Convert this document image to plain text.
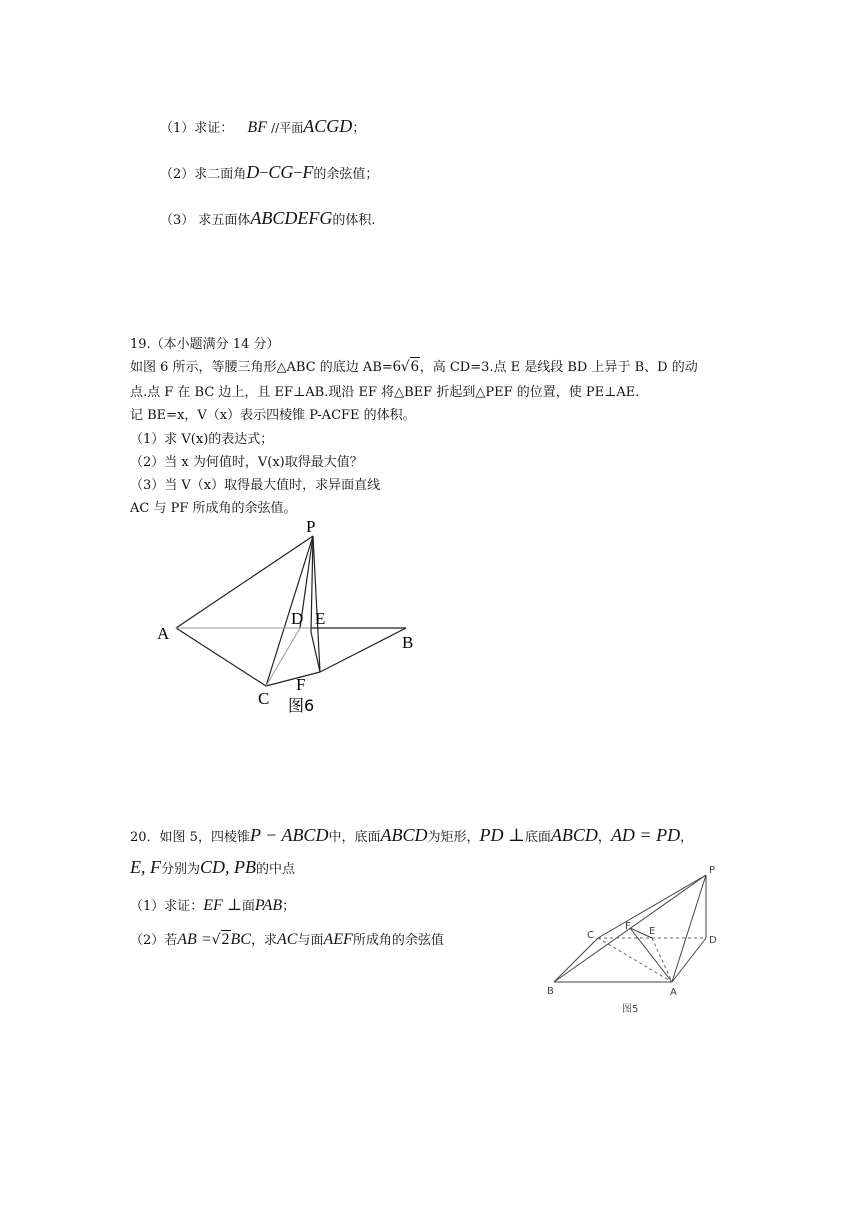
（1）求证： BF //平面ACGD；
（2）求二面角D−CG−F的余弦值；
（3） 求五面体ABCDEFG的体积.
19.（本小题满分 14 分）
如图 6 所示，等腰三角形△ABC 的底边 AB=6√6，高 CD=3.点 E 是线段 BD 上异于 B、D 的动
点.点 F 在 BC 边上，且 EF⊥AB.现沿 EF 将△BEF 折起到△PEF 的位置，使 PE⊥AE.
记 BE=x，V（x）表示四棱锥 P-ACFE 的体积。
（1）求 V(x)的表达式；
（2）当 x 为何值时，V(x)取得最大值？
（3）当 V（x）取得最大值时，求异面直线
AC 与 PF 所成角的余弦值。
P
A
D E
B
C
F
图6
20．如图 5，四棱锥P − ABCD中，底面ABCD为矩形，PD ⊥底面ABCD，AD = PD，
E, F分别为CD, PB的中点
（1）求证：EF ⊥面PAB；
（2）若AB =√2BC，求AC与面AEF所成角的余弦值
P
C
F E
D
B	A
图5
